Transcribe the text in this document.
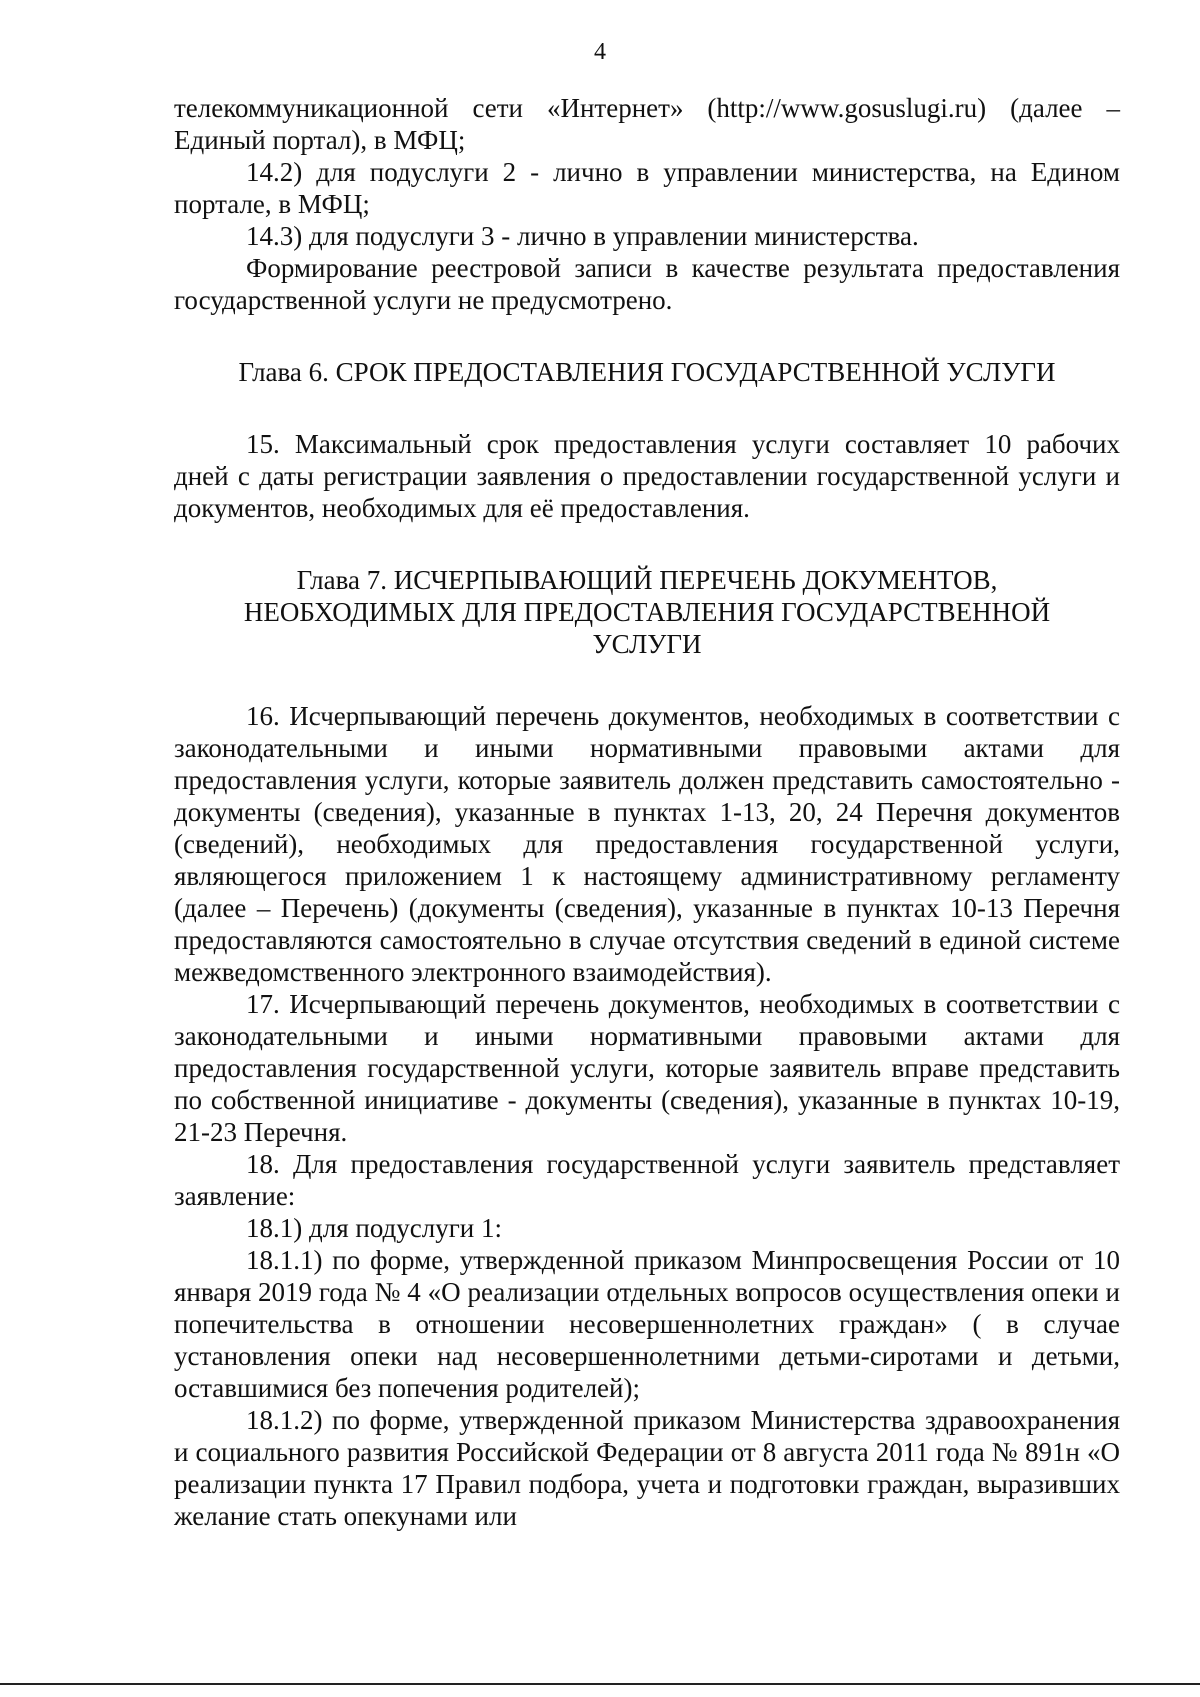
4

телекоммуникационной сети «Интернет» (http://www.gosuslugi.ru) (далее – Единый портал), в МФЦ;

14.2) для подуслуги 2 - лично в управлении министерства, на Едином портале, в МФЦ;

14.3) для подуслуги 3 - лично в управлении министерства.

Формирование реестровой записи в качестве результата предоставления государственной услуги не предусмотрено.

Глава 6. СРОК ПРЕДОСТАВЛЕНИЯ ГОСУДАРСТВЕННОЙ УСЛУГИ

15. Максимальный срок предоставления услуги составляет 10 рабочих дней с даты регистрации заявления о предоставлении государственной услуги и документов, необходимых для её предоставления.

Глава 7. ИСЧЕРПЫВАЮЩИЙ ПЕРЕЧЕНЬ ДОКУМЕНТОВ,

НЕОБХОДИМЫХ ДЛЯ ПРЕДОСТАВЛЕНИЯ ГОСУДАРСТВЕННОЙ

УСЛУГИ

16. Исчерпывающий перечень документов, необходимых в соответствии с законодательными и иными нормативными правовыми актами для предоставления услуги, которые заявитель должен представить самостоятельно - документы (сведения), указанные в пунктах 1-13, 20, 24 Перечня документов (сведений), необходимых для предоставления государственной услуги, являющегося приложением 1 к настоящему административному регламенту (далее – Перечень) (документы (сведения), указанные в пунктах 10-13 Перечня предоставляются самостоятельно в случае отсутствия сведений в единой системе межведомственного электронного взаимодействия).

17. Исчерпывающий перечень документов, необходимых в соответствии с законодательными и иными нормативными правовыми актами для предоставления государственной услуги, которые заявитель вправе представить по собственной инициативе - документы (сведения), указанные в пунктах 10-19, 21-23 Перечня.

18. Для предоставления государственной услуги заявитель представляет заявление:

18.1) для подуслуги 1:

18.1.1) по форме, утвержденной приказом Минпросвещения России от 10 января 2019 года № 4 «О реализации отдельных вопросов осуществления опеки и попечительства в отношении несовершеннолетних граждан» ( в случае установления опеки над несовершеннолетними детьми-сиротами и детьми, оставшимися без попечения родителей);

18.1.2) по форме, утвержденной приказом Министерства здравоохранения и социального развития Российской Федерации от 8 августа 2011 года № 891н «О реализации пункта 17 Правил подбора, учета и подготовки граждан, выразивших желание стать опекунами или
